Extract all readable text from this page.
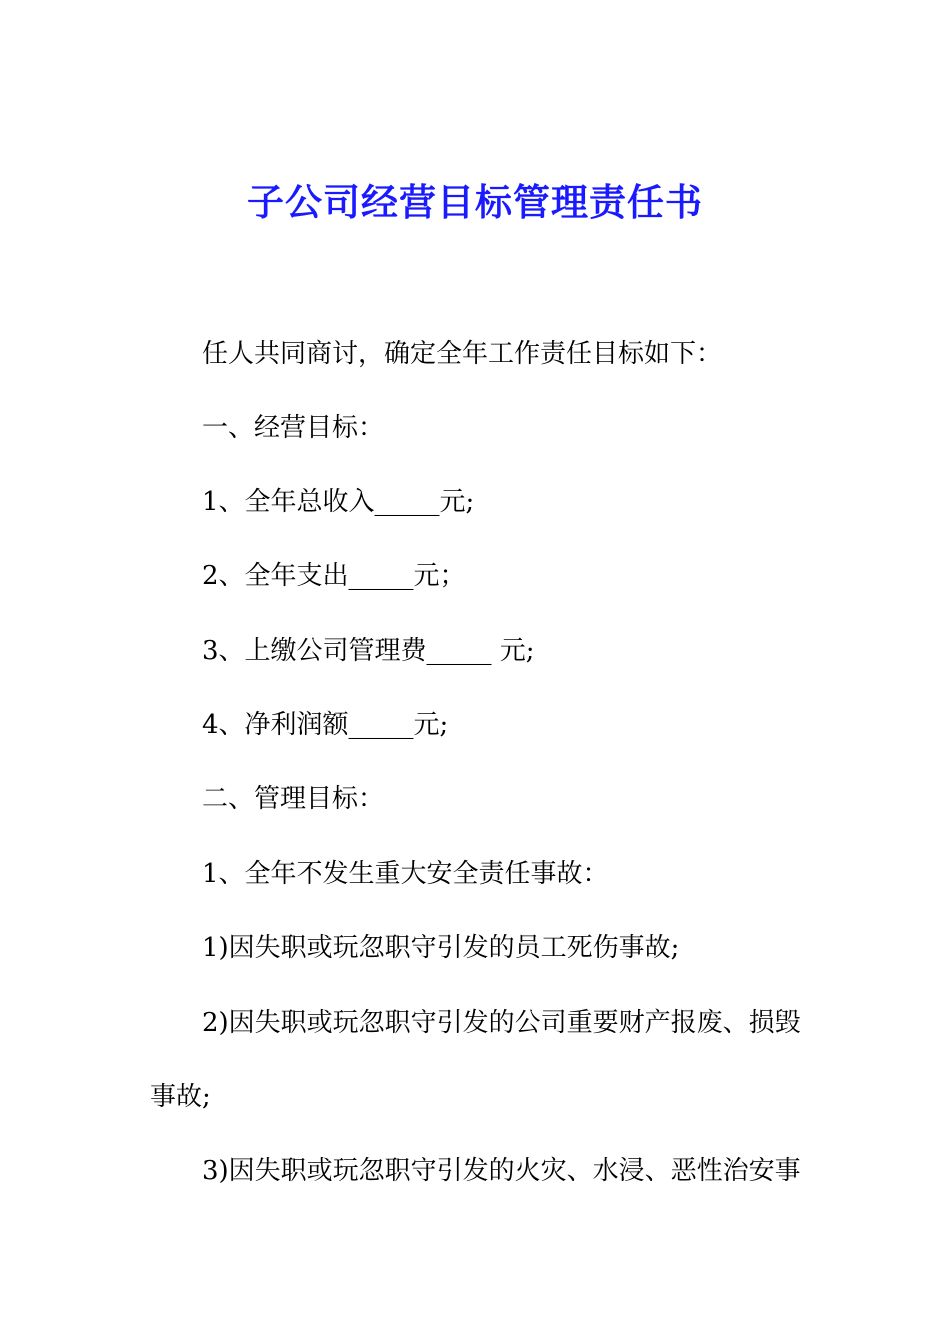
子公司经营目标管理责任书
任人共同商讨，确定全年工作责任目标如下：
一、经营目标：
1、全年总收入_____元;
2、全年支出_____元；
3、上缴公司管理费_____ 元;
4、净利润额_____元;
二、管理目标：
1、全年不发生重大安全责任事故：
1)因失职或玩忽职守引发的员工死伤事故;
2)因失职或玩忽职守引发的公司重要财产报废、损毁
事故;
3)因失职或玩忽职守引发的火灾、水浸、恶性治安事
